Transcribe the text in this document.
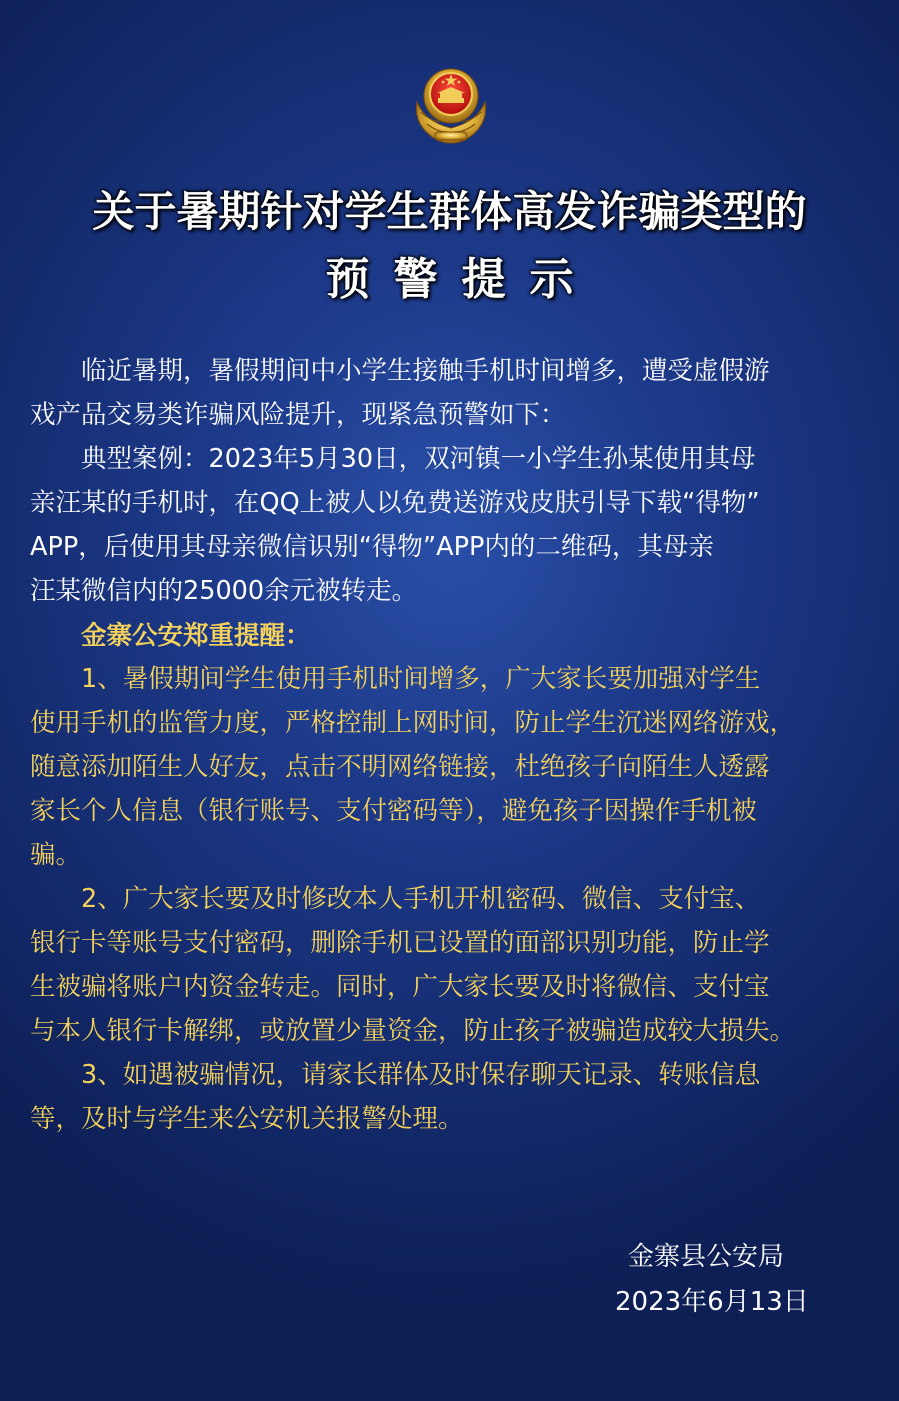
关于暑期针对学生群体高发诈骗类型的
预警提示
　　临近暑期，暑假期间中小学生接触手机时间增多，遭受虚假游
戏产品交易类诈骗风险提升，现紧急预警如下：
　　典型案例：2023年5月30日，双河镇一小学生孙某使用其母
亲汪某的手机时，在QQ上被人以免费送游戏皮肤引导下载“得物”
APP，后使用其母亲微信识别“得物”APP内的二维码，其母亲
汪某微信内的25000余元被转走。
　　金寨公安郑重提醒：
　　1、暑假期间学生使用手机时间增多，广大家长要加强对学生
使用手机的监管力度，严格控制上网时间，防止学生沉迷网络游戏，
随意添加陌生人好友，点击不明网络链接，杜绝孩子向陌生人透露
家长个人信息（银行账号、支付密码等），避免孩子因操作手机被
骗。
　　2、广大家长要及时修改本人手机开机密码、微信、支付宝、
银行卡等账号支付密码，删除手机已设置的面部识别功能，防止学
生被骗将账户内资金转走。同时，广大家长要及时将微信、支付宝
与本人银行卡解绑，或放置少量资金，防止孩子被骗造成较大损失。
　　3、如遇被骗情况，请家长群体及时保存聊天记录、转账信息
等，及时与学生来公安机关报警处理。
金寨县公安局
2023年6月13日
